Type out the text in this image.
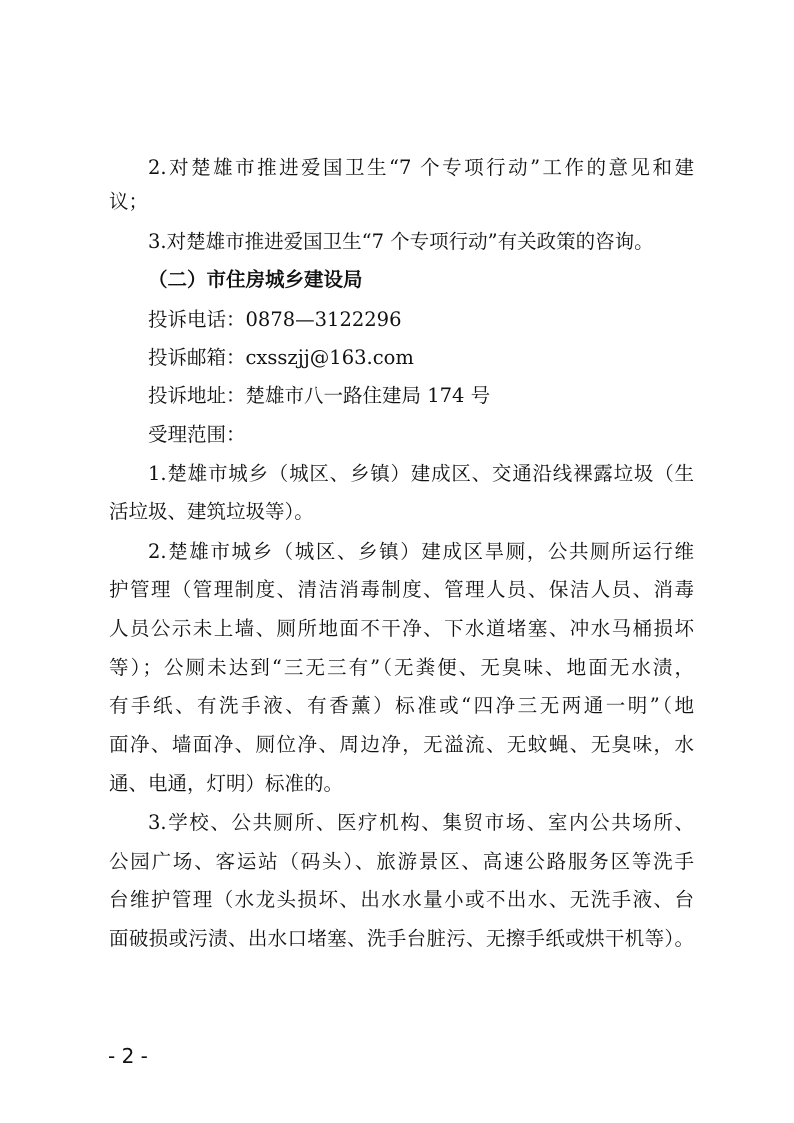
2.对楚雄市推进爱国卫生“7 个专项行动”工作的意见和建
议；
3.对楚雄市推进爱国卫生“7 个专项行动”有关政策的咨询。
（二）市住房城乡建设局
投诉电话：0878—3122296
投诉邮箱：cxsszjj@163.com
投诉地址：楚雄市八一路住建局 174 号
受理范围：
1.楚雄市城乡（城区、乡镇）建成区、交通沿线裸露垃圾（生
活垃圾、建筑垃圾等）。
2.楚雄市城乡（城区、乡镇）建成区旱厕，公共厕所运行维
护管理（管理制度、清洁消毒制度、管理人员、保洁人员、消毒
人员公示未上墙、厕所地面不干净、下水道堵塞、冲水马桶损坏
等）；公厕未达到“三无三有”（无粪便、无臭味、地面无水渍，
有手纸、有洗手液、有香薰）标准或“四净三无两通一明”（地
面净、墙面净、厕位净、周边净，无溢流、无蚊蝇、无臭味，水
通、电通，灯明）标准的。
3.学校、公共厕所、医疗机构、集贸市场、室内公共场所、
公园广场、客运站（码头）、旅游景区、高速公路服务区等洗手
台维护管理（水龙头损坏、出水水量小或不出水、无洗手液、台
面破损或污渍、出水口堵塞、洗手台脏污、无擦手纸或烘干机等）。
- 2 -
